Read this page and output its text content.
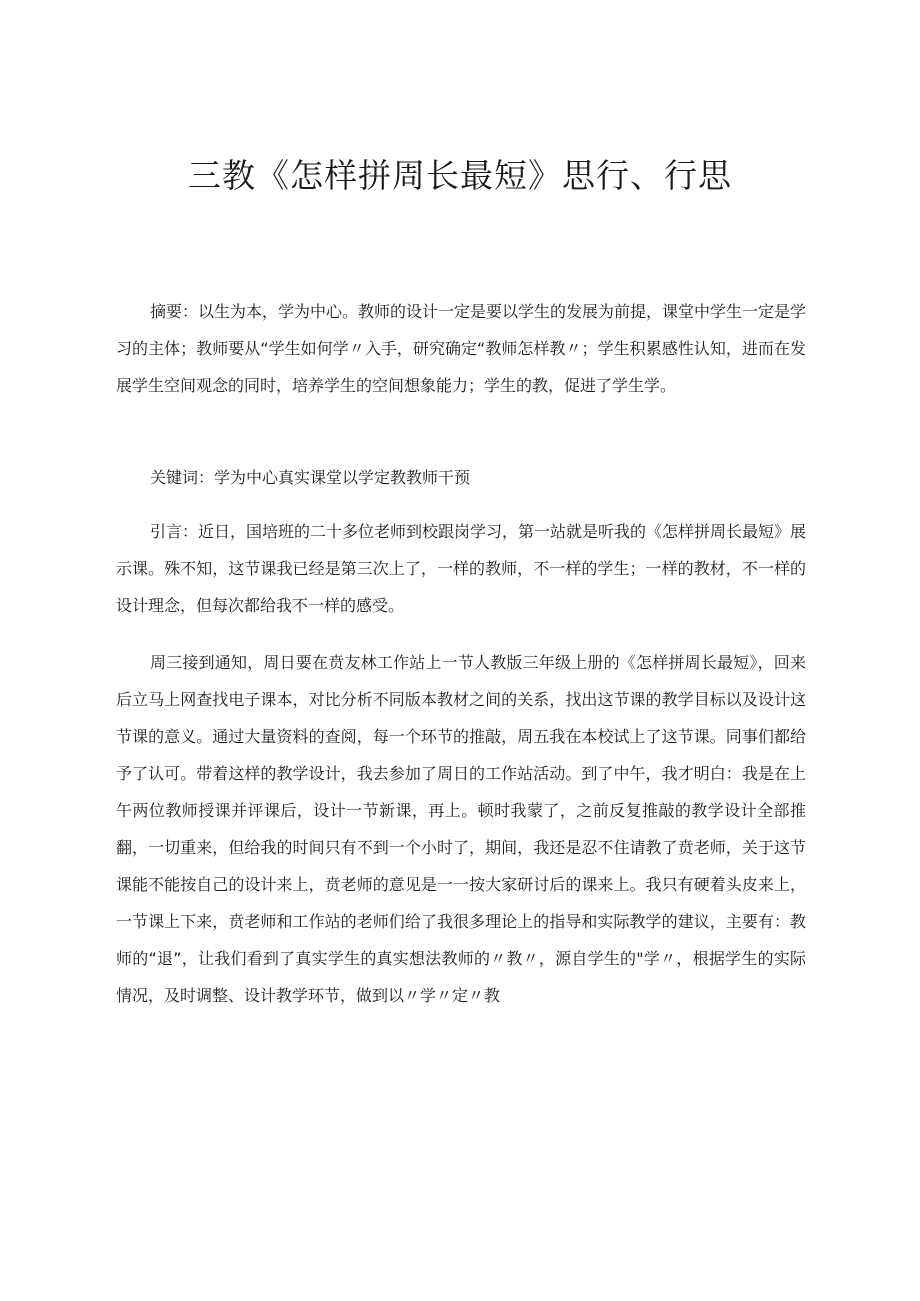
三教《怎样拼周长最短》思行、行思

摘要：以生为本，学为中心。教师的设计一定是要以学生的发展为前提，课堂中学生一定是学习的主体；教师要从“学生如何学〃入手，研究确定“教师怎样教〃；学生积累感性认知，进而在发展学生空间观念的同时，培养学生的空间想象能力；学生的教，促进了学生学。

关键词：学为中心真实课堂以学定教教师干预

引言：近日，国培班的二十多位老师到校跟岗学习，第一站就是听我的《怎样拼周长最短》展示课。殊不知，这节课我已经是第三次上了，一样的教师，不一样的学生；一样的教材，不一样的设计理念，但每次都给我不一样的感受。

周三接到通知，周日要在贲友林工作站上一节人教版三年级上册的《怎样拼周长最短》，回来后立马上网查找电子课本，对比分析不同版本教材之间的关系，找出这节课的教学目标以及设计这节课的意义。通过大量资料的查阅，每一个环节的推敲，周五我在本校试上了这节课。同事们都给予了认可。带着这样的教学设计，我去参加了周日的工作站活动。到了中午，我才明白：我是在上午两位教师授课并评课后，设计一节新课，再上。顿时我蒙了，之前反复推敲的教学设计全部推翻，一切重来，但给我的时间只有不到一个小时了，期间，我还是忍不住请教了贲老师，关于这节课能不能按自己的设计来上，贲老师的意见是一一按大家研讨后的课来上。我只有硬着头皮来上，一节课上下来，贲老师和工作站的老师们给了我很多理论上的指导和实际教学的建议，主要有：教师的“退”，让我们看到了真实学生的真实想法教师的〃教〃，源自学生的"学〃，根据学生的实际情况，及时调整、设计教学环节，做到以〃学〃定〃教
